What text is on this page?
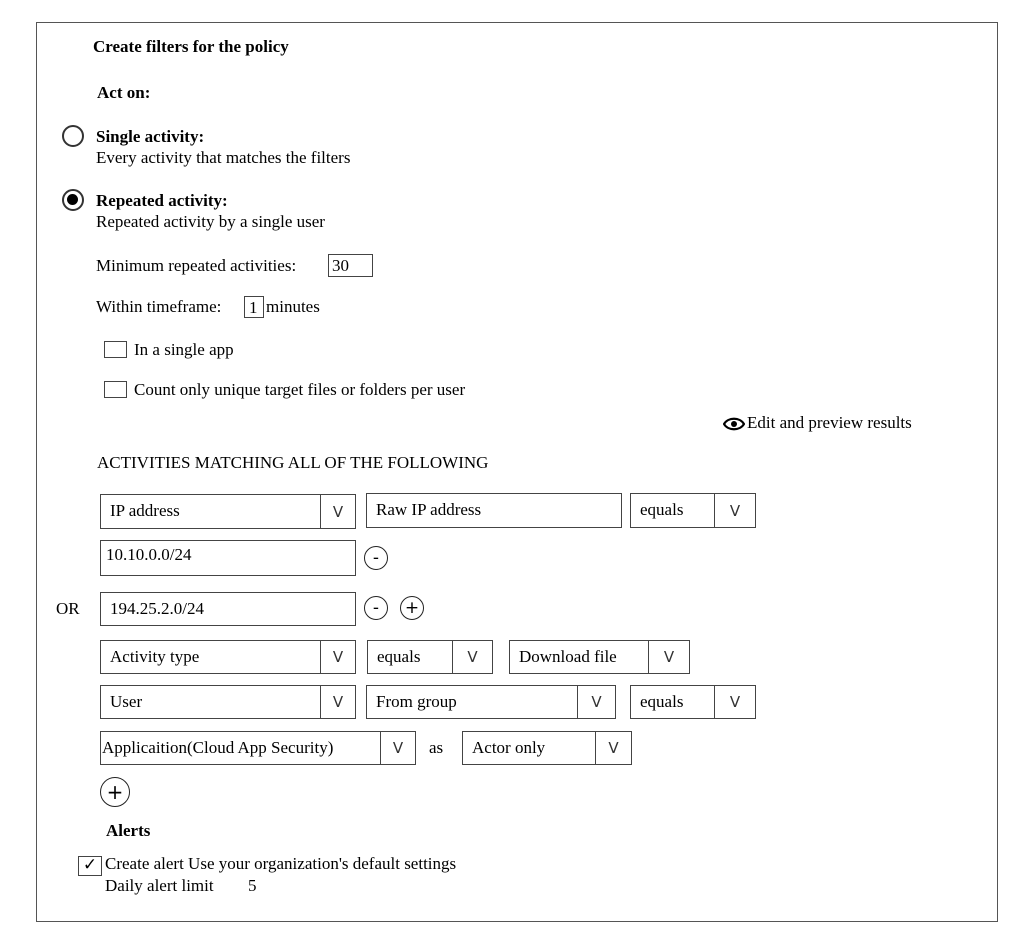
Create filters for the policy
Act on:
Single activity:
Every activity that matches the filters
Repeated activity:
Repeated activity by a single user
Minimum repeated activities: 30
Within timeframe: 1 minutes
In a single app
Count only unique target files or folders per user
Edit and preview results
ACTIVITIES MATCHING ALL OF THE FOLLOWING
IP address	V	Raw IP address	equals	V
10.10.0.0/24	-
OR 194.25.2.0/24	-	+
Activity type	V	equals	V	Download file	V
User	V	From group	V	equals	V
Applicaition(Cloud App Security)	V	as Actor only	V
+
Alerts
✓ Create alert Use your organization's default settings
Daily alert limit 5
